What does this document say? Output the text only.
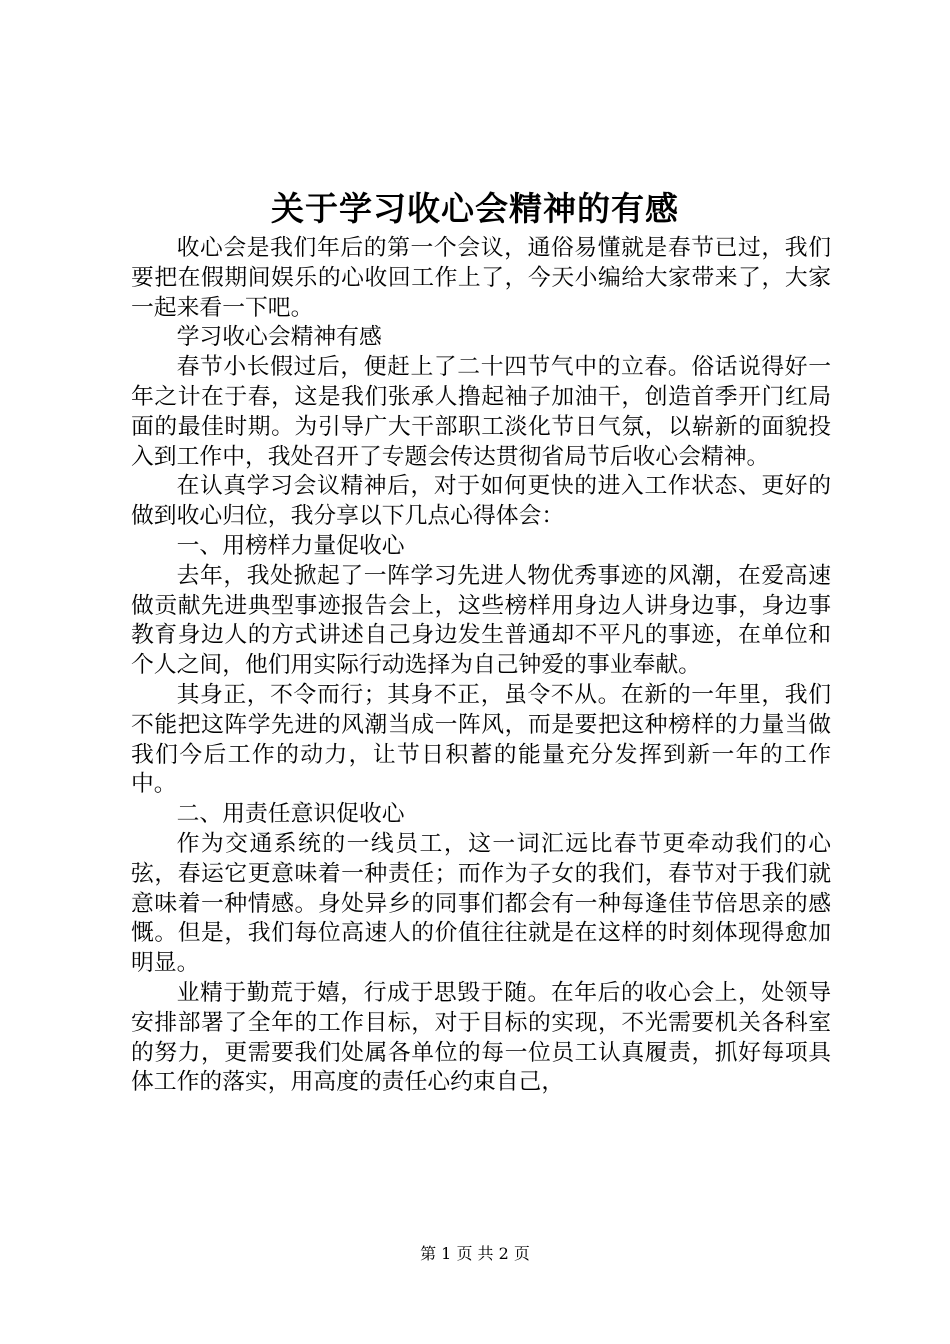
关于学习收心会精神的有感

收心会是我们年后的第一个会议，通俗易懂就是春节已过，我们要把在假期间娱乐的心收回工作上了，今天小编给大家带来了，大家一起来看一下吧。

学习收心会精神有感

春节小长假过后，便赶上了二十四节气中的立春。俗话说得好一年之计在于春，这是我们张承人撸起袖子加油干，创造首季开门红局面的最佳时期。为引导广大干部职工淡化节日气氛，以崭新的面貌投入到工作中，我处召开了专题会传达贯彻省局节后收心会精神。

在认真学习会议精神后，对于如何更快的进入工作状态、更好的做到收心归位，我分享以下几点心得体会：

一、用榜样力量促收心

去年，我处掀起了一阵学习先进人物优秀事迹的风潮，在爱高速做贡献先进典型事迹报告会上，这些榜样用身边人讲身边事，身边事教育身边人的方式讲述自己身边发生普通却不平凡的事迹，在单位和个人之间，他们用实际行动选择为自己钟爱的事业奉献。

其身正，不令而行；其身不正，虽令不从。在新的一年里，我们不能把这阵学先进的风潮当成一阵风，而是要把这种榜样的力量当做我们今后工作的动力，让节日积蓄的能量充分发挥到新一年的工作中。

二、用责任意识促收心

作为交通系统的一线员工，这一词汇远比春节更牵动我们的心弦，春运它更意味着一种责任；而作为子女的我们，春节对于我们就意味着一种情感。身处异乡的同事们都会有一种每逢佳节倍思亲的感慨。但是，我们每位高速人的价值往往就是在这样的时刻体现得愈加明显。

业精于勤荒于嬉，行成于思毁于随。在年后的收心会上，处领导安排部署了全年的工作目标，对于目标的实现，不光需要机关各科室的努力，更需要我们处属各单位的每一位员工认真履责，抓好每项具体工作的落实，用高度的责任心约束自己，

第 1 页 共 2 页
